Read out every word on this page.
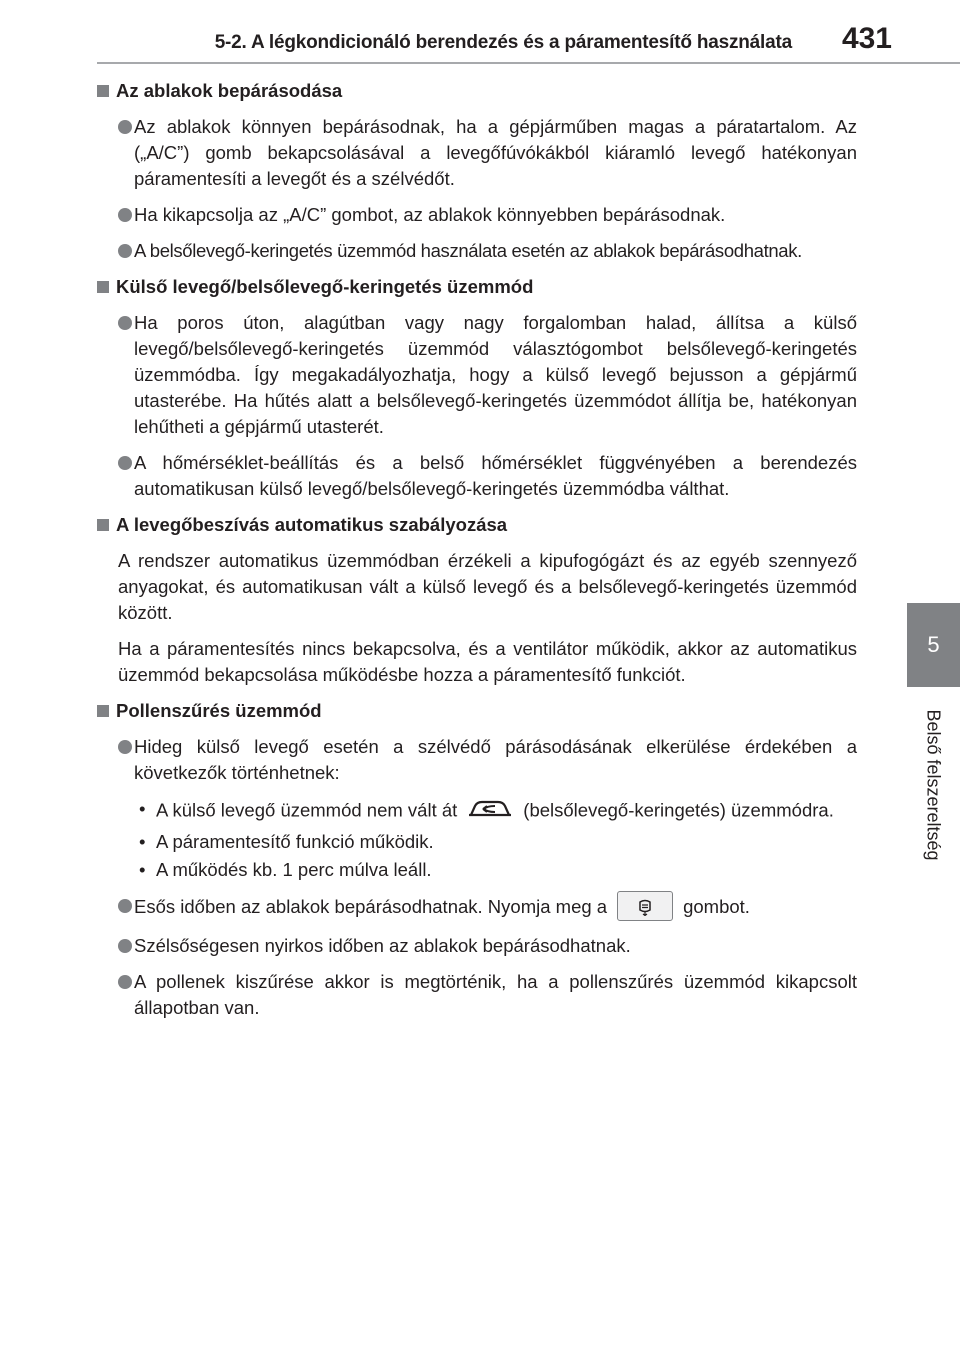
5-2. A légkondicionáló berendezés és a páramentesítő használata 431
5
Belső felszereltség
Az ablakok bepárásodása
Az ablakok könnyen bepárásodnak, ha a gépjárműben magas a páratartalom. Az („A/C”) gomb bekapcsolásával a levegőfúvókákból kiáramló levegő hatékonyan páramentesíti a levegőt és a szélvédőt.
Ha kikapcsolja az „A/C” gombot, az ablakok könnyebben bepárásodnak.
A belsőlevegő-keringetés üzemmód használata esetén az ablakok bepárásodhatnak.
Külső levegő/belsőlevegő-keringetés üzemmód
Ha poros úton, alagútban vagy nagy forgalomban halad, állítsa a külső levegő/belsőlevegő-keringetés üzemmód választógombot belsőlevegő-keringetés üzemmódba. Így megakadályozhatja, hogy a külső levegő bejusson a gépjármű utasterébe. Ha hűtés alatt a belsőlevegő-keringetés üzemmódot állítja be, hatékonyan lehűtheti a gépjármű utasterét.
A hőmérséklet-beállítás és a belső hőmérséklet függvényében a berendezés automatikusan külső levegő/belsőlevegő-keringetés üzemmódba válthat.
A levegőbeszívás automatikus szabályozása
A rendszer automatikus üzemmódban érzékeli a kipufogógázt és az egyéb szennyező anyagokat, és automatikusan vált a külső levegő és a belsőlevegő-keringetés üzemmód között.
Ha a páramentesítés nincs bekapcsolva, és a ventilátor működik, akkor az automatikus üzemmód bekapcsolása működésbe hozza a páramentesítő funkciót.
Pollenszűrés üzemmód
Hideg külső levegő esetén a szélvédő párásodásának elkerülése érdekében a következők történhetnek:
• A külső levegő üzemmód nem vált át	(belsőlevegő-keringetés) üzemmódra.
• A páramentesítő funkció működik.
• A működés kb. 1 perc múlva leáll.
Esős időben az ablakok bepárásodhatnak. Nyomja meg a	gombot.
Szélsőségesen nyirkos időben az ablakok bepárásodhatnak.
A pollenek kiszűrése akkor is megtörténik, ha a pollenszűrés üzemmód kikapcsolt állapotban van.
